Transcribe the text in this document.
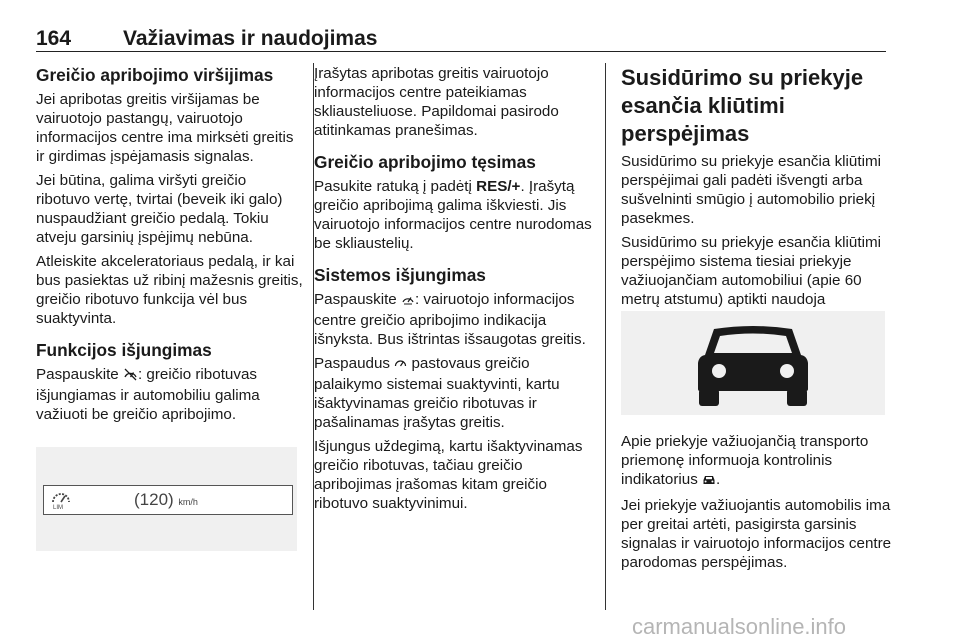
164 Važiavimas ir naudojimas
Greičio apribojimo viršijimas

Jei apribotas greitis viršijamas be vairuotojo pastangų, vairuotojo informacijos centre ima mirksėti greitis ir girdimas įspėjamasis signalas.

Jei būtina, galima viršyti greičio ribotuvo vertę, tvirtai (beveik iki galo) nuspaudžiant greičio pedalą. Tokiu atveju garsinių įspėjimų nebūna.

Atleiskite akceleratoriaus pedalą, ir kai bus pasiektas už ribinį mažesnis greitis, greičio ribotuvo funkcija vėl bus suaktyvinta.

Funkcijos išjungimas

Paspauskite : greičio ribotuvas išjungiamas ir automobiliu galima važiuoti be greičio apribojimo.

LIM	(120) km/h

Įrašytas apribotas greitis vairuotojo informacijos centre pateikiamas skliausteliuose. Papildomai pasirodo atitinkamas pranešimas.

Greičio apribojimo tęsimas

Pasukite ratuką į padėtį RES/+. Įrašytą greičio apribojimą galima iškviesti. Jis vairuotojo informacijos centre nurodomas be skliaustelių.

Sistemos išjungimas

Paspauskite : vairuotojo informacijos centre greičio apribojimo indikacija išnyksta. Bus ištrintas išsaugotas greitis.

Paspaudus  pastovaus greičio palaikymo sistemai suaktyvinti, kartu išaktyvinamas greičio ribotuvas ir pašalinamas įrašytas greitis.

Išjungus uždegimą, kartu išaktyvinamas greičio ribotuvas, tačiau greičio apribojimas įrašomas kitam greičio ribotuvo suaktyvinimui.

Susidūrimo su priekyje esančia kliūtimi perspėjimas

Susidūrimo su priekyje esančia kliūtimi perspėjimai gali padėti išvengti arba sušvelninti smūgio į automobilio priekį pasekmes.

Susidūrimo su priekyje esančia kliūtimi perspėjimo sistema tiesiai priekyje važiuojančiam automobiliui (apie 60 metrų atstumu) aptikti naudoja

Apie priekyje važiuojančią transporto priemonę informuoja kontrolinis indikatorius .

Jei priekyje važiuojantis automobilis ima per greitai artėti, pasigirsta garsinis signalas ir vairuotojo informacijos centre parodomas perspėjimas.

carmanualsonline.info
